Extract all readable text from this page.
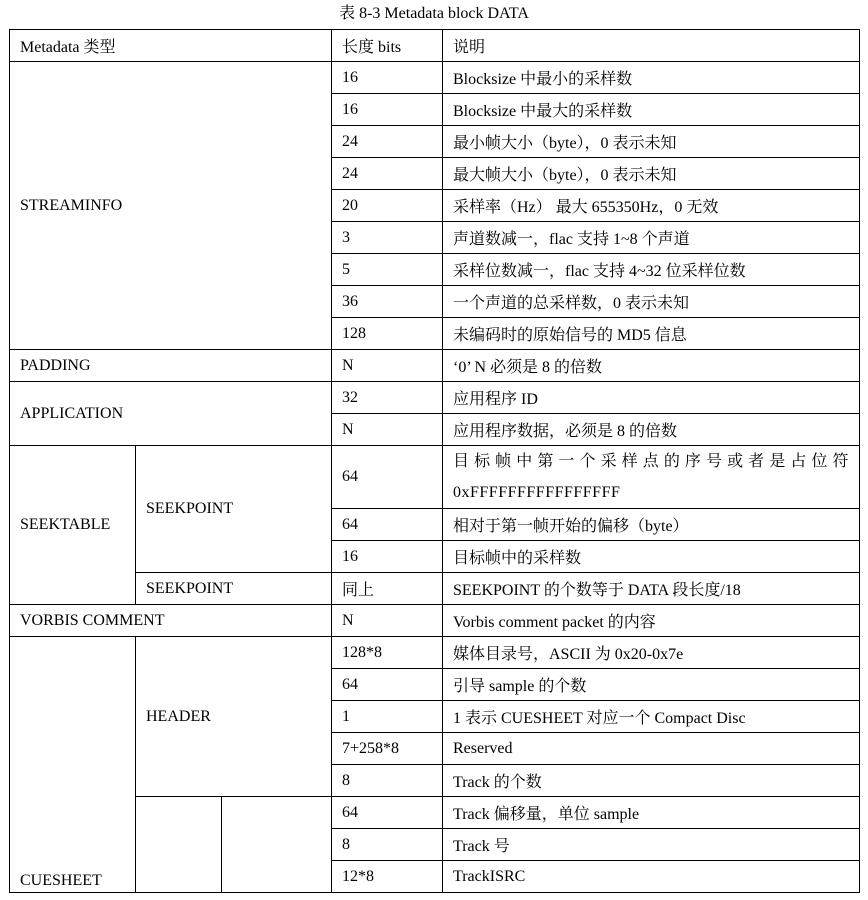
表 8-3 Metadata block DATA
Metadata 类型			长度 bits	说明
STREAMINFO			16	Blocksize 中最小的采样数
			16	Blocksize 中最大的采样数
			24	最小帧大小（byte），0 表示未知
			24	最大帧大小（byte），0 表示未知
			20	采样率（Hz） 最大 655350Hz，0 无效
			3	声道数减一，flac 支持 1~8 个声道
			5	采样位数减一，flac 支持 4~32 位采样位数
			36	一个声道的总采样数，0 表示未知
			128	未编码时的原始信号的 MD5 信息
PADDING			N	‘0’ N 必须是 8 的倍数
APPLICATION			32	应用程序 ID
			N	应用程序数据，必须是 8 的倍数
SEEKTABLE	SEEKPOINT		64	目标帧中第一个采样点的序号或者是占位符 0xFFFFFFFFFFFFFFFF
			64	相对于第一帧开始的偏移（byte）
			16	目标帧中的采样数
	SEEKPOINT		同上	SEEKPOINT 的个数等于 DATA 段长度/18
VORBIS COMMENT			N	Vorbis comment packet 的内容
CUESHEET	HEADER		128*8	媒体目录号，ASCII 为 0x20-0x7e
			64	引导 sample 的个数
			1	1 表示 CUESHEET 对应一个 Compact Disc
			7+258*8	Reserved
			8	Track 的个数
			64	Track 偏移量，单位 sample
			8	Track 号
			12*8	TrackISRC
